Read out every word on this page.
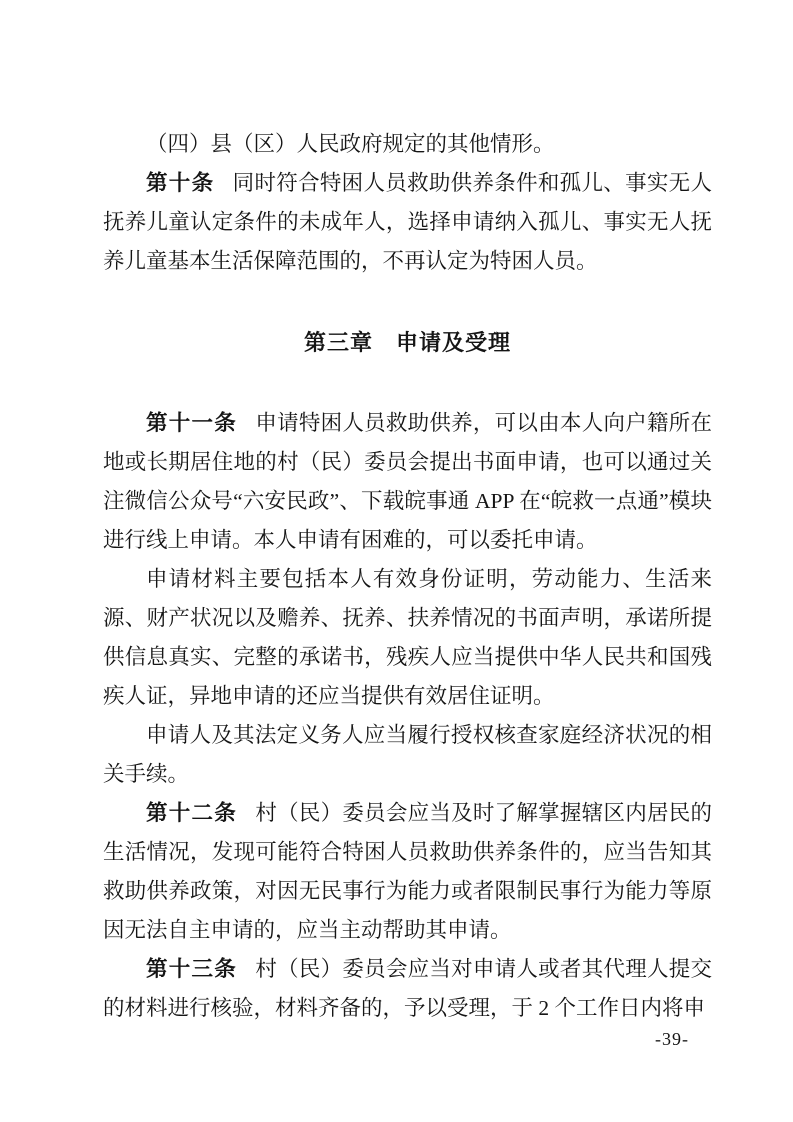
（四）县（区）人民政府规定的其他情形。

第十条 同时符合特困人员救助供养条件和孤儿、事实无人抚养儿童认定条件的未成年人，选择申请纳入孤儿、事实无人抚养儿童基本生活保障范围的，不再认定为特困人员。

第三章　申请及受理

第十一条 申请特困人员救助供养，可以由本人向户籍所在地或长期居住地的村（民）委员会提出书面申请，也可以通过关注微信公众号“六安民政”、下载皖事通 APP 在“皖救一点通”模块进行线上申请。本人申请有困难的，可以委托申请。

申请材料主要包括本人有效身份证明，劳动能力、生活来源、财产状况以及赡养、抚养、扶养情况的书面声明，承诺所提供信息真实、完整的承诺书，残疾人应当提供中华人民共和国残疾人证，异地申请的还应当提供有效居住证明。

申请人及其法定义务人应当履行授权核查家庭经济状况的相关手续。

第十二条 村（民）委员会应当及时了解掌握辖区内居民的生活情况，发现可能符合特困人员救助供养条件的，应当告知其救助供养政策，对因无民事行为能力或者限制民事行为能力等原因无法自主申请的，应当主动帮助其申请。

第十三条 村（民）委员会应当对申请人或者其代理人提交的材料进行核验，材料齐备的，予以受理，于 2 个工作日内将申

-39-
